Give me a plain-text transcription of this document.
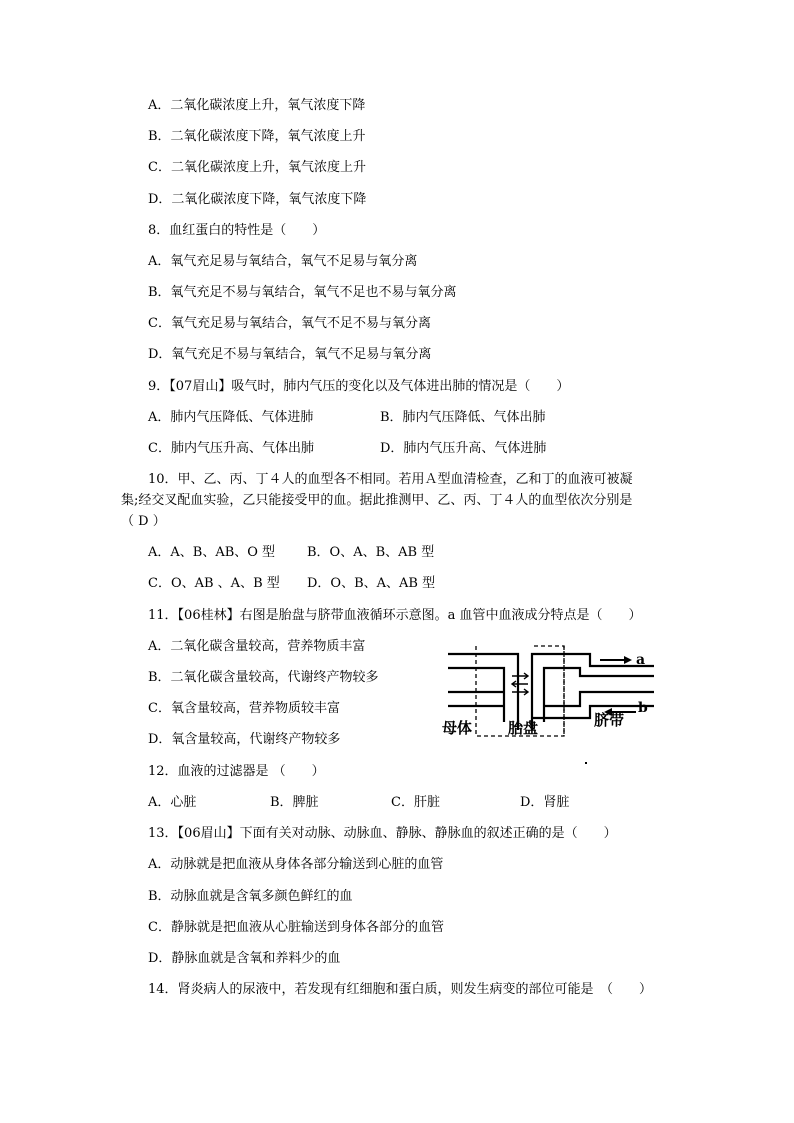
A．二氧化碳浓度上升，氧气浓度下降
B．二氧化碳浓度下降，氧气浓度上升
C．二氧化碳浓度上升，氧气浓度上升
D．二氧化碳浓度下降，氧气浓度下降
8．血红蛋白的特性是（　　）
A．氧气充足易与氧结合，氧气不足易与氧分离
B．氧气充足不易与氧结合，氧气不足也不易与氧分离
C．氧气充足易与氧结合，氧气不足不易与氧分离
D．氧气充足不易与氧结合，氧气不足易与氧分离
9．【07眉山】吸气时，肺内气压的变化以及气体进出肺的情况是（　　）
A．肺内气压降低、气体进肺	B．肺内气压降低、气体出肺
C．肺内气压升高、气体出肺	D．肺内气压升高、气体进肺
10．甲、乙、丙、丁４人的血型各不相同。若用Ａ型血清检查，乙和丁的血液可被凝
集;经交叉配血实验，乙只能接受甲的血。据此推测甲、乙、丙、丁４人的血型依次分别是
（ D ）
A．A、B、AB、O 型 B．O、A、B、AB 型
C．O、AB 、A、B 型 D．O、B、A、AB 型
11．【06桂林】右图是胎盘与脐带血液循环示意图。a 血管中血液成分特点是（　　）
A．二氧化碳含量较高，营养物质丰富
B．二氧化碳含量较高，代谢终产物较多
C．氧含量较高，营养物质较丰富
D．氧含量较高，代谢终产物较多
a
b
母体 胎盘	脐带
12．血液的过滤器是 （　　）
A．心脏	B．脾脏	C．肝脏	D．肾脏
13．【06眉山】下面有关对动脉、动脉血、静脉、静脉血的叙述正确的是（　　）
A．动脉就是把血液从身体各部分输送到心脏的血管
B．动脉血就是含氧多颜色鲜红的血
C．静脉就是把血液从心脏输送到身体各部分的血管
D．静脉血就是含氧和养料少的血
14．肾炎病人的尿液中，若发现有红细胞和蛋白质，则发生病变的部位可能是　（　　）
